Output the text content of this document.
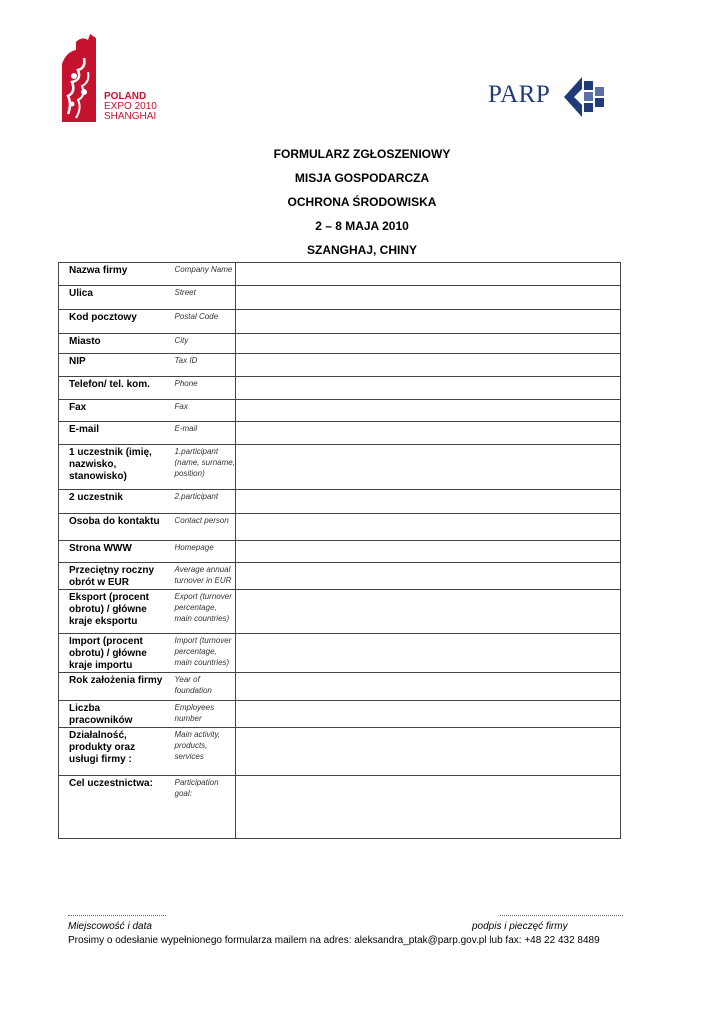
POLAND
EXPO 2010
SHANGHAI
PARP
FORMULARZ ZGŁOSZENIOWY
MISJA GOSPODARCZA
OCHRONA ŚRODOWISKA
2 – 8 MAJA 2010
SZANGHAJ, CHINY
Nazwa firmy	Company Name	
Ulica	Street	
Kod pocztowy	Postal Code	
Miasto	City	
NIP	Tax ID	
Telefon/ tel. kom.	Phone	
Fax	Fax	
E-mail	E-mail	
1 uczestnik (imię, nazwisko, stanowisko)	1.participant (name, surname, position)	
2 uczestnik	2.participant	
Osoba do kontaktu	Contact person	
Strona WWW	Homepage	
Przeciętny roczny obrót w EUR	Average annual turnover in EUR	
Eksport (procent obrotu) / główne kraje eksportu	Export (turnover percentage, main countries)	
Import (procent obrotu) / główne kraje importu	Import (turnover percentage, main countries)	
Rok założenia firmy	Year of foundation	
Liczba pracowników	Employees number	
Działalność, produkty oraz usługi firmy :	Main activity, products, services	
Cel uczestnictwa:	Participation goal:	
Miejscowość i data	podpis i pieczęć firmy
Prosimy o odesłanie wypełnionego formularza mailem na adres: aleksandra_ptak@parp.gov.pl lub fax: +48 22 432 8489
